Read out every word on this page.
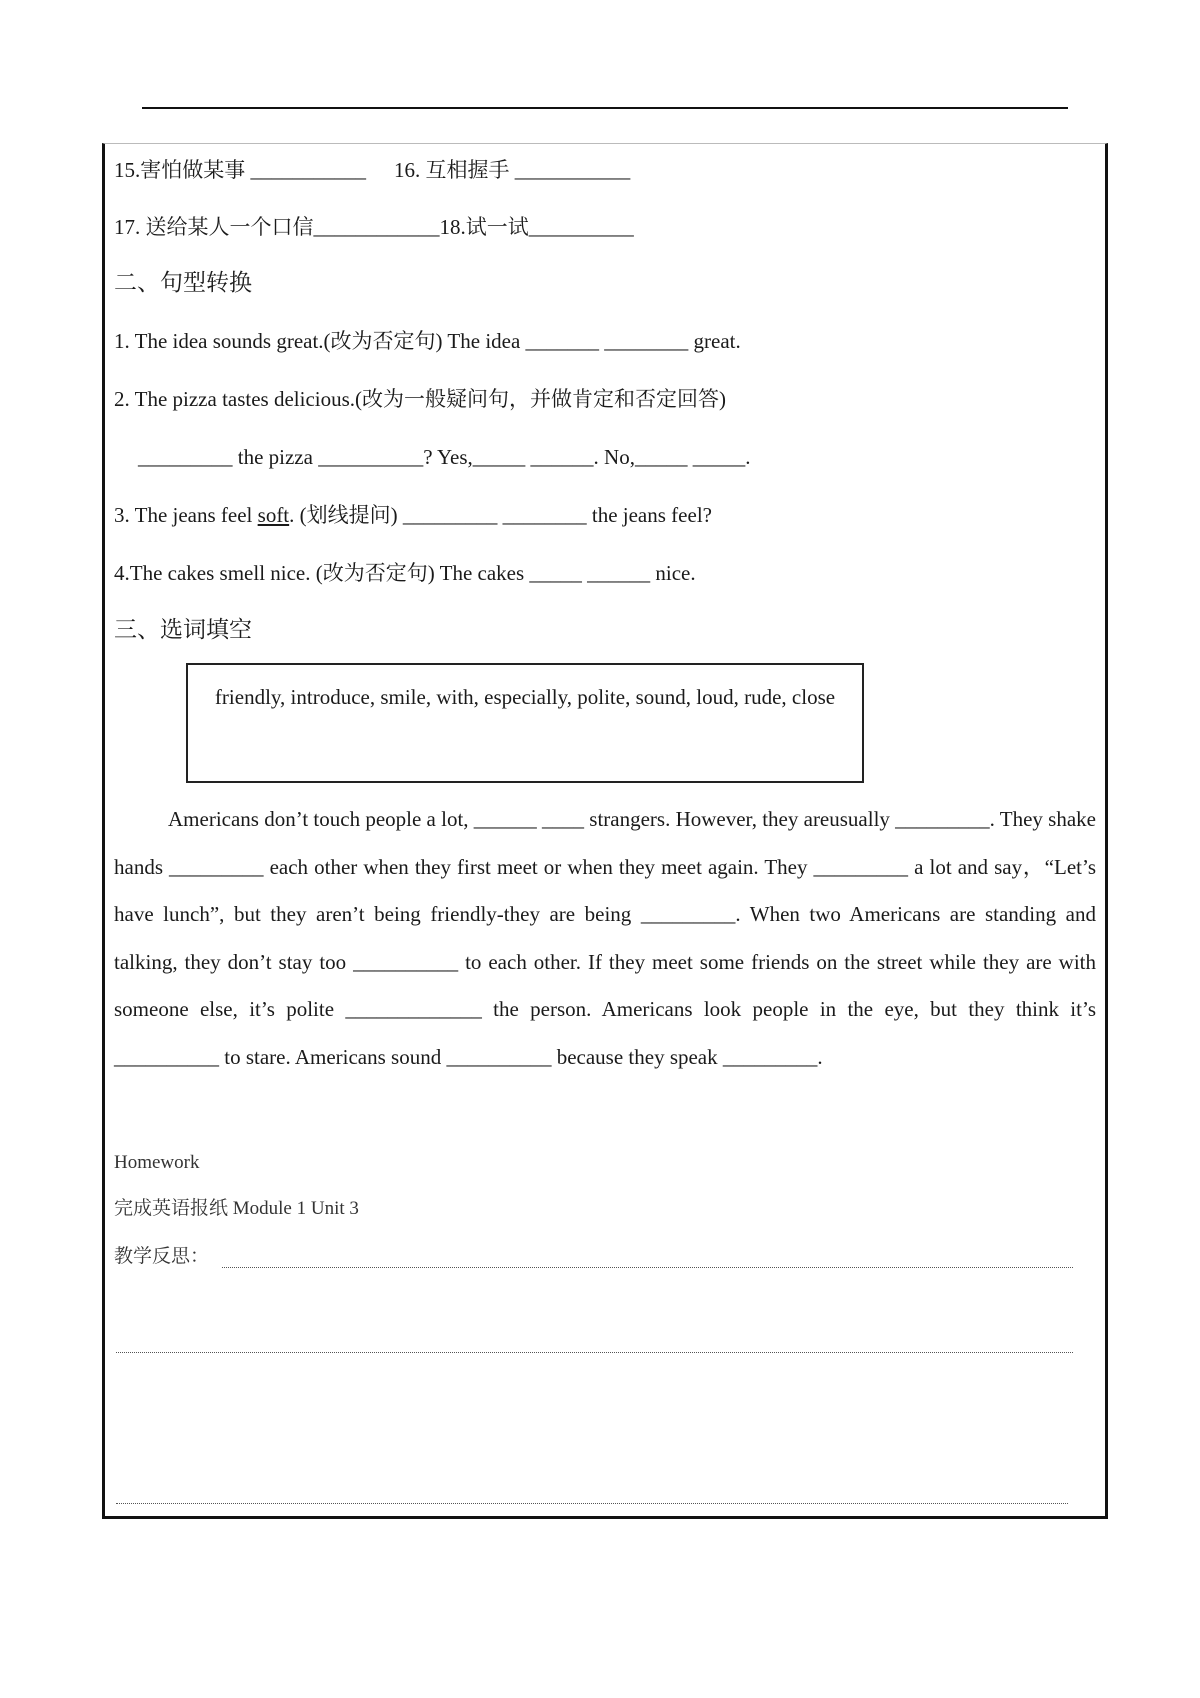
15.害怕做某事 ___________ 16. 互相握手 ___________
17. 送给某人一个口信____________18.试一试__________
二、句型转换
1. The idea sounds great.(改为否定句) The idea _______ ________ great.
2. The pizza tastes delicious.(改为一般疑问句，并做肯定和否定回答)
_________ the pizza __________? Yes,_____ ______. No,_____ _____.
3. The jeans feel soft. (划线提问) _________ ________ the jeans feel?
4.The cakes smell nice. (改为否定句) The cakes _____ ______ nice.
三、选词填空
friendly, introduce, smile, with, especially, polite, sound, loud, rude, close

Americans don’t touch people a lot, ______ ____ strangers. However, they areusually _________. They shake hands _________ each other when they first meet or when they meet again. They _________ a lot and say，“Let’s have lunch”, but they aren’t being friendly-they are being _________. When two Americans are standing and talking, they don’t stay too __________ to each other. If they meet some friends on the street while they are with someone else, it’s polite _____________ the person. Americans look people in the eye, but they think it’s __________ to stare. Americans sound __________ because they speak _________.

Homework
完成英语报纸 Module 1 Unit 3
教学反思：
